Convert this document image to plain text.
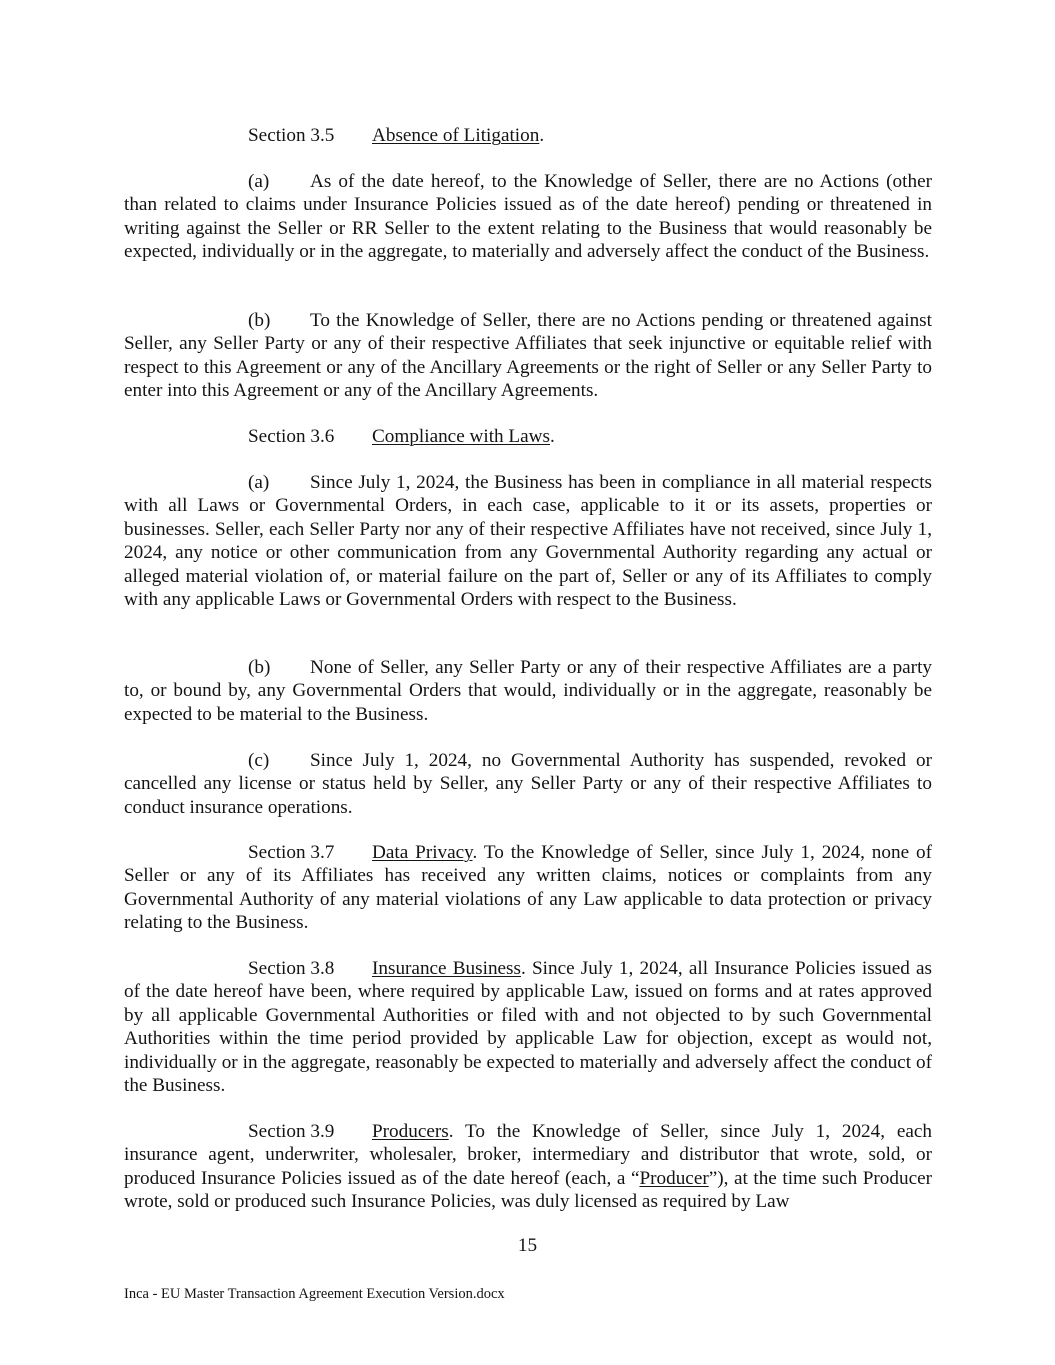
Section 3.5 Absence of Litigation.

(a) As of the date hereof, to the Knowledge of Seller, there are no Actions (other than related to claims under Insurance Policies issued as of the date hereof) pending or threatened in writing against the Seller or RR Seller to the extent relating to the Business that would reasonably be expected, individually or in the aggregate, to materially and adversely affect the conduct of the Business.

(b) To the Knowledge of Seller, there are no Actions pending or threatened against Seller, any Seller Party or any of their respective Affiliates that seek injunctive or equitable relief with respect to this Agreement or any of the Ancillary Agreements or the right of Seller or any Seller Party to enter into this Agreement or any of the Ancillary Agreements.

Section 3.6 Compliance with Laws.

(a) Since July 1, 2024, the Business has been in compliance in all material respects with all Laws or Governmental Orders, in each case, applicable to it or its assets, properties or businesses. Seller, each Seller Party nor any of their respective Affiliates have not received, since July 1, 2024, any notice or other communication from any Governmental Authority regarding any actual or alleged material violation of, or material failure on the part of, Seller or any of its Affiliates to comply with any applicable Laws or Governmental Orders with respect to the Business.

(b) None of Seller, any Seller Party or any of their respective Affiliates are a party to, or bound by, any Governmental Orders that would, individually or in the aggregate, reasonably be expected to be material to the Business.

(c) Since July 1, 2024, no Governmental Authority has suspended, revoked or cancelled any license or status held by Seller, any Seller Party or any of their respective Affiliates to conduct insurance operations.

Section 3.7 Data Privacy. To the Knowledge of Seller, since July 1, 2024, none of Seller or any of its Affiliates has received any written claims, notices or complaints from any Governmental Authority of any material violations of any Law applicable to data protection or privacy relating to the Business.

Section 3.8 Insurance Business. Since July 1, 2024, all Insurance Policies issued as of the date hereof have been, where required by applicable Law, issued on forms and at rates approved by all applicable Governmental Authorities or filed with and not objected to by such Governmental Authorities within the time period provided by applicable Law for objection, except as would not, individually or in the aggregate, reasonably be expected to materially and adversely affect the conduct of the Business.

Section 3.9 Producers. To the Knowledge of Seller, since July 1, 2024, each insurance agent, underwriter, wholesaler, broker, intermediary and distributor that wrote, sold, or produced Insurance Policies issued as of the date hereof (each, a “Producer”), at the time such Producer wrote, sold or produced such Insurance Policies, was duly licensed as required by Law

15

Inca - EU Master Transaction Agreement Execution Version.docx
